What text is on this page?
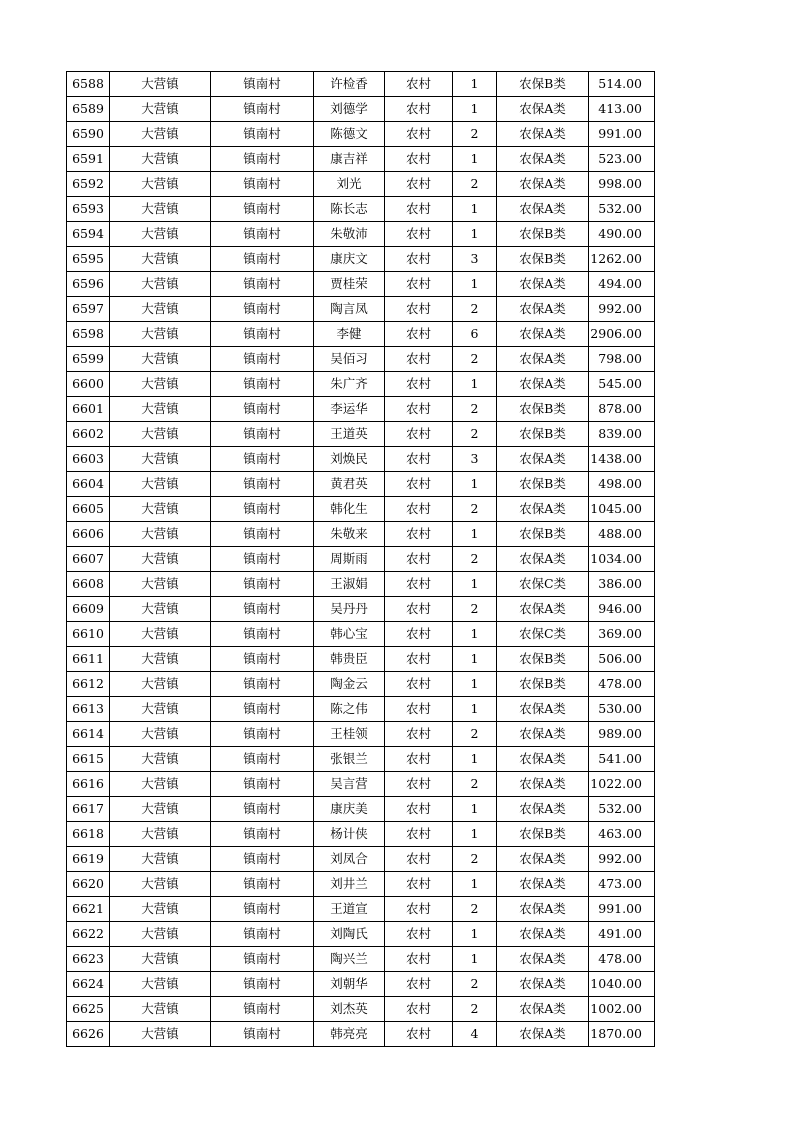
6588	大营镇	镇南村	许检香	农村	1	农保B类	514.00
6589	大营镇	镇南村	刘德学	农村	1	农保A类	413.00
6590	大营镇	镇南村	陈德文	农村	2	农保A类	991.00
6591	大营镇	镇南村	康吉祥	农村	1	农保A类	523.00
6592	大营镇	镇南村	刘光	农村	2	农保A类	998.00
6593	大营镇	镇南村	陈长志	农村	1	农保A类	532.00
6594	大营镇	镇南村	朱敬沛	农村	1	农保B类	490.00
6595	大营镇	镇南村	康庆文	农村	3	农保B类	1262.00
6596	大营镇	镇南村	贾桂荣	农村	1	农保A类	494.00
6597	大营镇	镇南村	陶言凤	农村	2	农保A类	992.00
6598	大营镇	镇南村	李健	农村	6	农保A类	2906.00
6599	大营镇	镇南村	吴佰习	农村	2	农保A类	798.00
6600	大营镇	镇南村	朱广齐	农村	1	农保A类	545.00
6601	大营镇	镇南村	李运华	农村	2	农保B类	878.00
6602	大营镇	镇南村	王道英	农村	2	农保B类	839.00
6603	大营镇	镇南村	刘焕民	农村	3	农保A类	1438.00
6604	大营镇	镇南村	黄君英	农村	1	农保B类	498.00
6605	大营镇	镇南村	韩化生	农村	2	农保A类	1045.00
6606	大营镇	镇南村	朱敬来	农村	1	农保B类	488.00
6607	大营镇	镇南村	周斯雨	农村	2	农保A类	1034.00
6608	大营镇	镇南村	王淑娟	农村	1	农保C类	386.00
6609	大营镇	镇南村	吴丹丹	农村	2	农保A类	946.00
6610	大营镇	镇南村	韩心宝	农村	1	农保C类	369.00
6611	大营镇	镇南村	韩贵臣	农村	1	农保B类	506.00
6612	大营镇	镇南村	陶金云	农村	1	农保B类	478.00
6613	大营镇	镇南村	陈之伟	农村	1	农保A类	530.00
6614	大营镇	镇南村	王桂领	农村	2	农保A类	989.00
6615	大营镇	镇南村	张银兰	农村	1	农保A类	541.00
6616	大营镇	镇南村	吴言营	农村	2	农保A类	1022.00
6617	大营镇	镇南村	康庆美	农村	1	农保A类	532.00
6618	大营镇	镇南村	杨计侠	农村	1	农保B类	463.00
6619	大营镇	镇南村	刘凤合	农村	2	农保A类	992.00
6620	大营镇	镇南村	刘井兰	农村	1	农保A类	473.00
6621	大营镇	镇南村	王道宣	农村	2	农保A类	991.00
6622	大营镇	镇南村	刘陶氏	农村	1	农保A类	491.00
6623	大营镇	镇南村	陶兴兰	农村	1	农保A类	478.00
6624	大营镇	镇南村	刘朝华	农村	2	农保A类	1040.00
6625	大营镇	镇南村	刘杰英	农村	2	农保A类	1002.00
6626	大营镇	镇南村	韩亮亮	农村	4	农保A类	1870.00
